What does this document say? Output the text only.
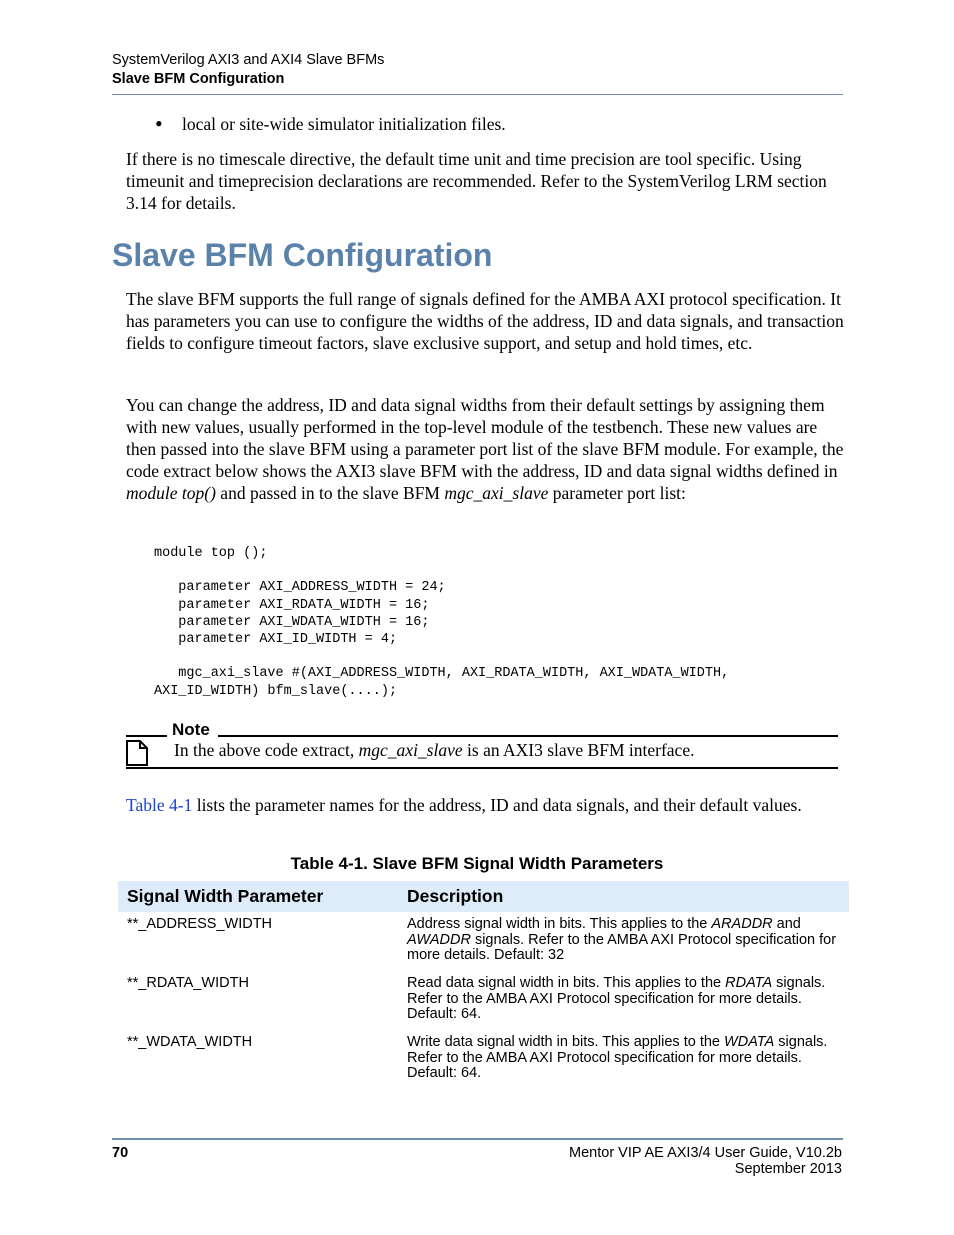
SystemVerilog AXI3 and AXI4 Slave BFMs
Slave BFM Configuration
• local or site-wide simulator initialization files.
If there is no timescale directive, the default time unit and time precision are tool specific. Using timeunit and timeprecision declarations are recommended. Refer to the SystemVerilog LRM section 3.14 for details.
Slave BFM Configuration
The slave BFM supports the full range of signals defined for the AMBA AXI protocol specification. It has parameters you can use to configure the widths of the address, ID and data signals, and transaction fields to configure timeout factors, slave exclusive support, and setup and hold times, etc.
You can change the address, ID and data signal widths from their default settings by assigning them with new values, usually performed in the top-level module of the testbench. These new values are then passed into the slave BFM using a parameter port list of the slave BFM module. For example, the code extract below shows the AXI3 slave BFM with the address, ID and data signal widths defined in module top() and passed in to the slave BFM mgc_axi_slave parameter port list:
module top ();

parameter AXI_ADDRESS_WIDTH = 24;
parameter AXI_RDATA_WIDTH = 16;
parameter AXI_WDATA_WIDTH = 16;
parameter AXI_ID_WIDTH = 4;

mgc_axi_slave #(AXI_ADDRESS_WIDTH, AXI_RDATA_WIDTH, AXI_WDATA_WIDTH,
AXI_ID_WIDTH) bfm_slave(....);
Note
In the above code extract, mgc_axi_slave is an AXI3 slave BFM interface.
Table 4-1 lists the parameter names for the address, ID and data signals, and their default values.
Table 4-1. Slave BFM Signal Width Parameters
Signal Width Parameter	Description
**_ADDRESS_WIDTH	Address signal width in bits. This applies to the ARADDR and AWADDR signals. Refer to the AMBA AXI Protocol specification for more details. Default: 32
**_RDATA_WIDTH	Read data signal width in bits. This applies to the RDATA signals. Refer to the AMBA AXI Protocol specification for more details. Default: 64.
**_WDATA_WIDTH	Write data signal width in bits. This applies to the WDATA signals. Refer to the AMBA AXI Protocol specification for more details. Default: 64.
70	Mentor VIP AE AXI3/4 User Guide, V10.2b
September 2013
